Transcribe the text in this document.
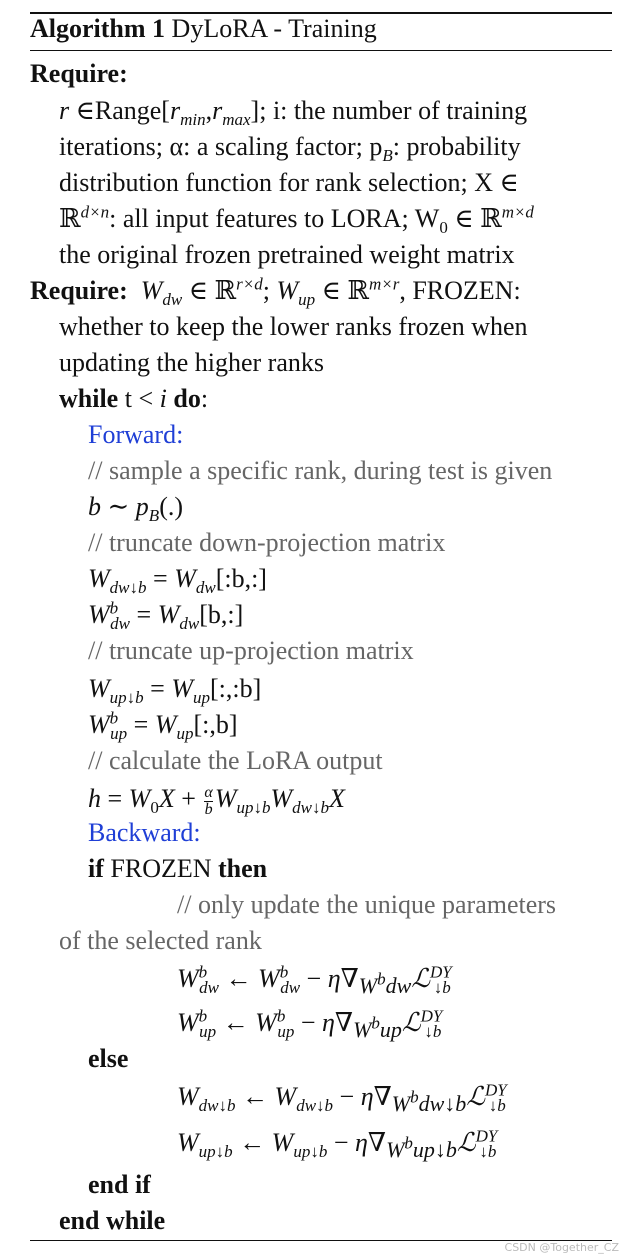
Algorithm 1 DyLoRA - Training
Require:
r $\in Range[r_{min},r_{max}]$; i: the number of training
iterations; α: a scaling factor; $p_B$: probability
distribution function for rank selection; X ∈
ℝ$^{d\times n}$: all input features to LORA; $W_0$ ∈ ℝ$^{m\times d}$
the original frozen pretrained weight matrix
Require: $W_{dw}$ ∈ ℝ$^{r\times d}$; $W_{up}$ ∈ ℝ$^{m\times r}$, FROZEN:
whether to keep the lower ranks frozen when
updating the higher ranks
while t < i do:
Forward:
// sample a specific rank, during test is given
b ∼ $p_B(.)$
// truncate down-projection matrix
$W_{dw↓b}$ = $W_{dw}[:b,:]$
$W^b_{dw}$ = $W_{dw}[b,:]$
// truncate up-projection matrix
$W_{up↓b}$ = $W_{up}[:,:b]$
$W^b_{up}$ = $W_{up}[:,b]$
// calculate the LoRA output
$h = W_0X + \frac{\alpha}{b} W_{up↓b}W_{dw↓b}X$
Backward:
if FROZEN then
// only update the unique parameters
of the selected rank
$W^b_{dw}$ ← $W^b_{dw}$ − $\eta\nabla_{W^bdw}ℒ^{DY}_{↓b}$
$W^b_{up}$ ← $W^b_{up}$ − $\eta\nabla_{W^bup}ℒ^{DY}_{↓b}$
else
$W_{dw↓b}$ ← $W_{dw↓b}$ − $\eta\nabla_{W^bdw↓b}ℒ^{DY}_{↓b}$
$W_{up↓b}$ ← $W_{up↓b}$ − $\eta\nabla_{W^bup↓b}ℒ^{DY}_{↓b}$
end if
end while
CSDN @Together_CZ
